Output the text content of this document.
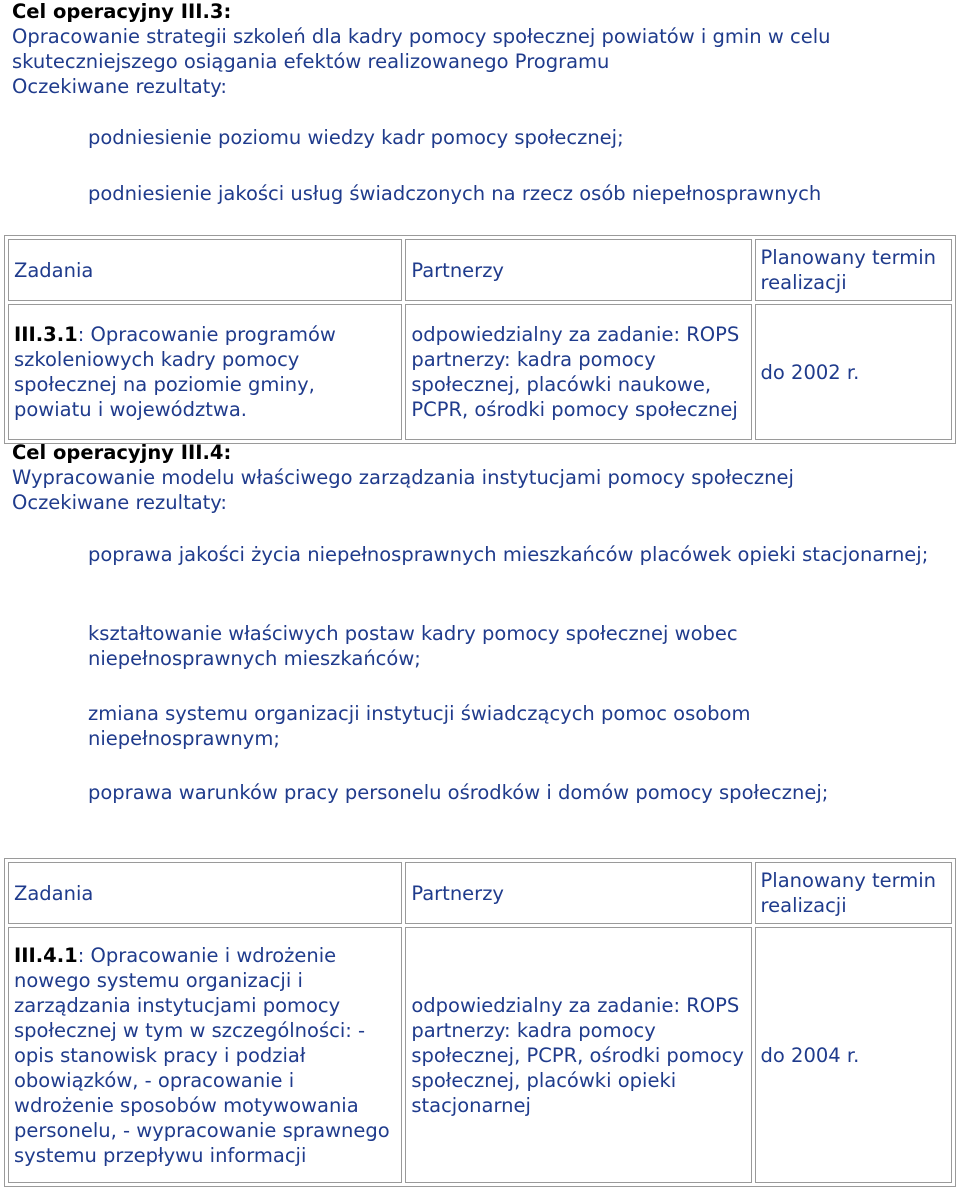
Cel operacyjny III.3:
Opracowanie strategii szkoleń dla kadry pomocy społecznej powiatów i gmin w celu
skuteczniejszego osiągania efektów realizowanego Programu
Oczekiwane rezultaty:
podniesienie poziomu wiedzy kadr pomocy społecznej;
podniesienie jakości usług świadczonych na rzecz osób niepełnosprawnych
Zadania	Partnerzy	Planowany termin realizacji
III.3.1: Opracowanie programów szkoleniowych kadry pomocy społecznej na poziomie gminy, powiatu i województwa.	odpowiedzialny za zadanie: ROPS partnerzy: kadra pomocy społecznej, placówki naukowe, PCPR, ośrodki pomocy społecznej	do 2002 r.
Cel operacyjny III.4:
Wypracowanie modelu właściwego zarządzania instytucjami pomocy społecznej
Oczekiwane rezultaty:
poprawa jakości życia niepełnosprawnych mieszkańców placówek opieki stacjonarnej;
kształtowanie właściwych postaw kadry pomocy społecznej wobec niepełnosprawnych mieszkańców;
zmiana systemu organizacji instytucji świadczących pomoc osobom niepełnosprawnym;
poprawa warunków pracy personelu ośrodków i domów pomocy społecznej;
Zadania	Partnerzy	Planowany termin realizacji
III.4.1: Opracowanie i wdrożenie nowego systemu organizacji i zarządzania instytucjami pomocy społecznej w tym w szczególności: - opis stanowisk pracy i podział obowiązków, - opracowanie i wdrożenie sposobów motywowania personelu, - wypracowanie sprawnego systemu przepływu informacji	odpowiedzialny za zadanie: ROPS partnerzy: kadra pomocy społecznej, PCPR, ośrodki pomocy społecznej, placówki opieki stacjonarnej	do 2004 r.
